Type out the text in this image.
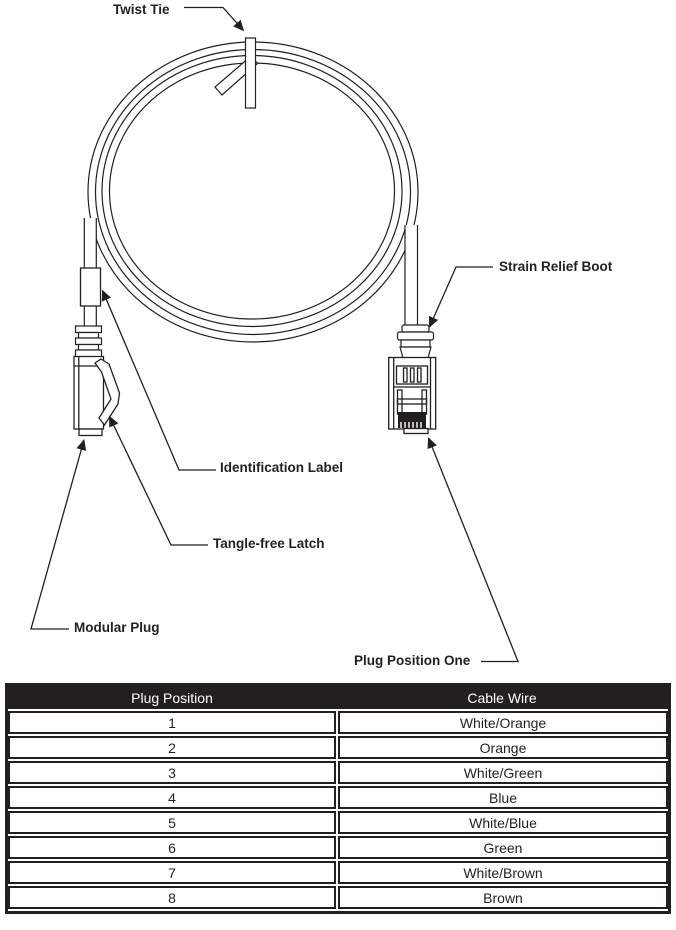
Twist Tie
Strain Relief Boot
Identification Label
Tangle-free Latch
Modular Plug
Plug Position One
Plug Position	Cable Wire
1	White/Orange
2	Orange
3	White/Green
4	Blue
5	White/Blue
6	Green
7	White/Brown
8	Brown
